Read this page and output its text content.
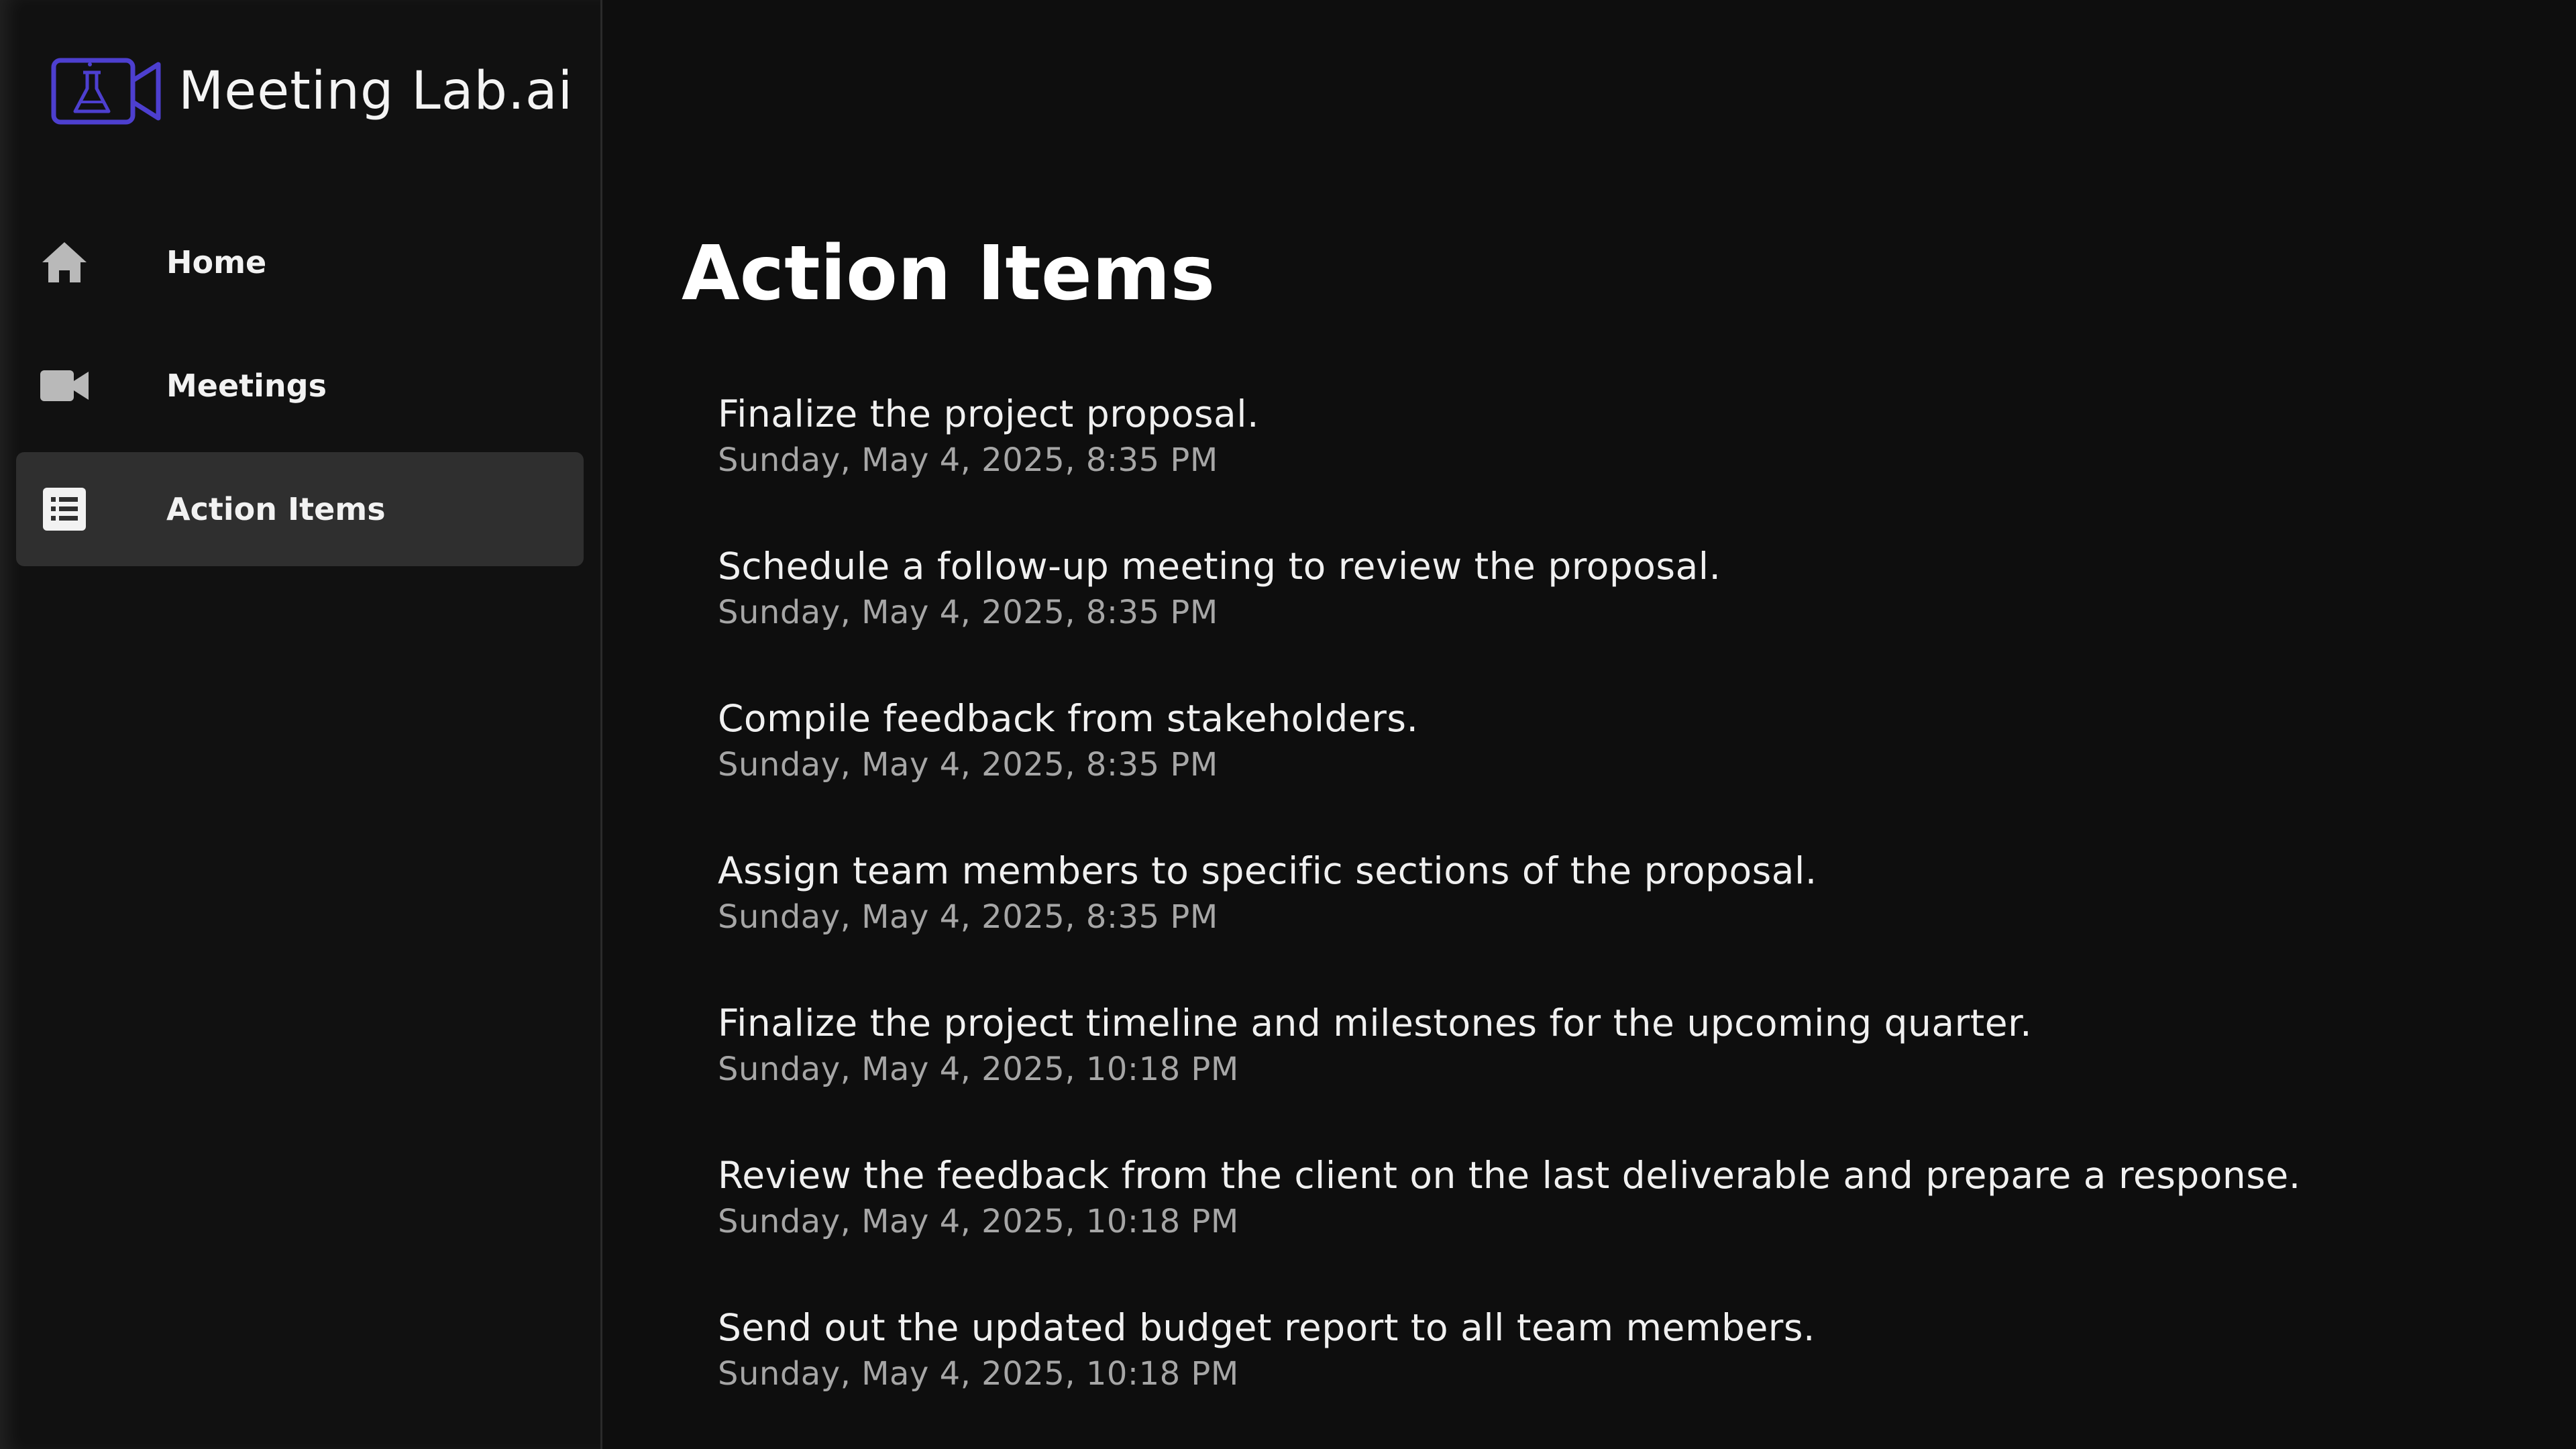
Meeting Lab.ai
Home
Meetings
Action Items
Action Items
Finalize the project proposal.
Sunday, May 4, 2025, 8:35 PM
Schedule a follow-up meeting to review the proposal.
Sunday, May 4, 2025, 8:35 PM
Compile feedback from stakeholders.
Sunday, May 4, 2025, 8:35 PM
Assign team members to specific sections of the proposal.
Sunday, May 4, 2025, 8:35 PM
Finalize the project timeline and milestones for the upcoming quarter.
Sunday, May 4, 2025, 10:18 PM
Review the feedback from the client on the last deliverable and prepare a response.
Sunday, May 4, 2025, 10:18 PM
Send out the updated budget report to all team members.
Sunday, May 4, 2025, 10:18 PM
